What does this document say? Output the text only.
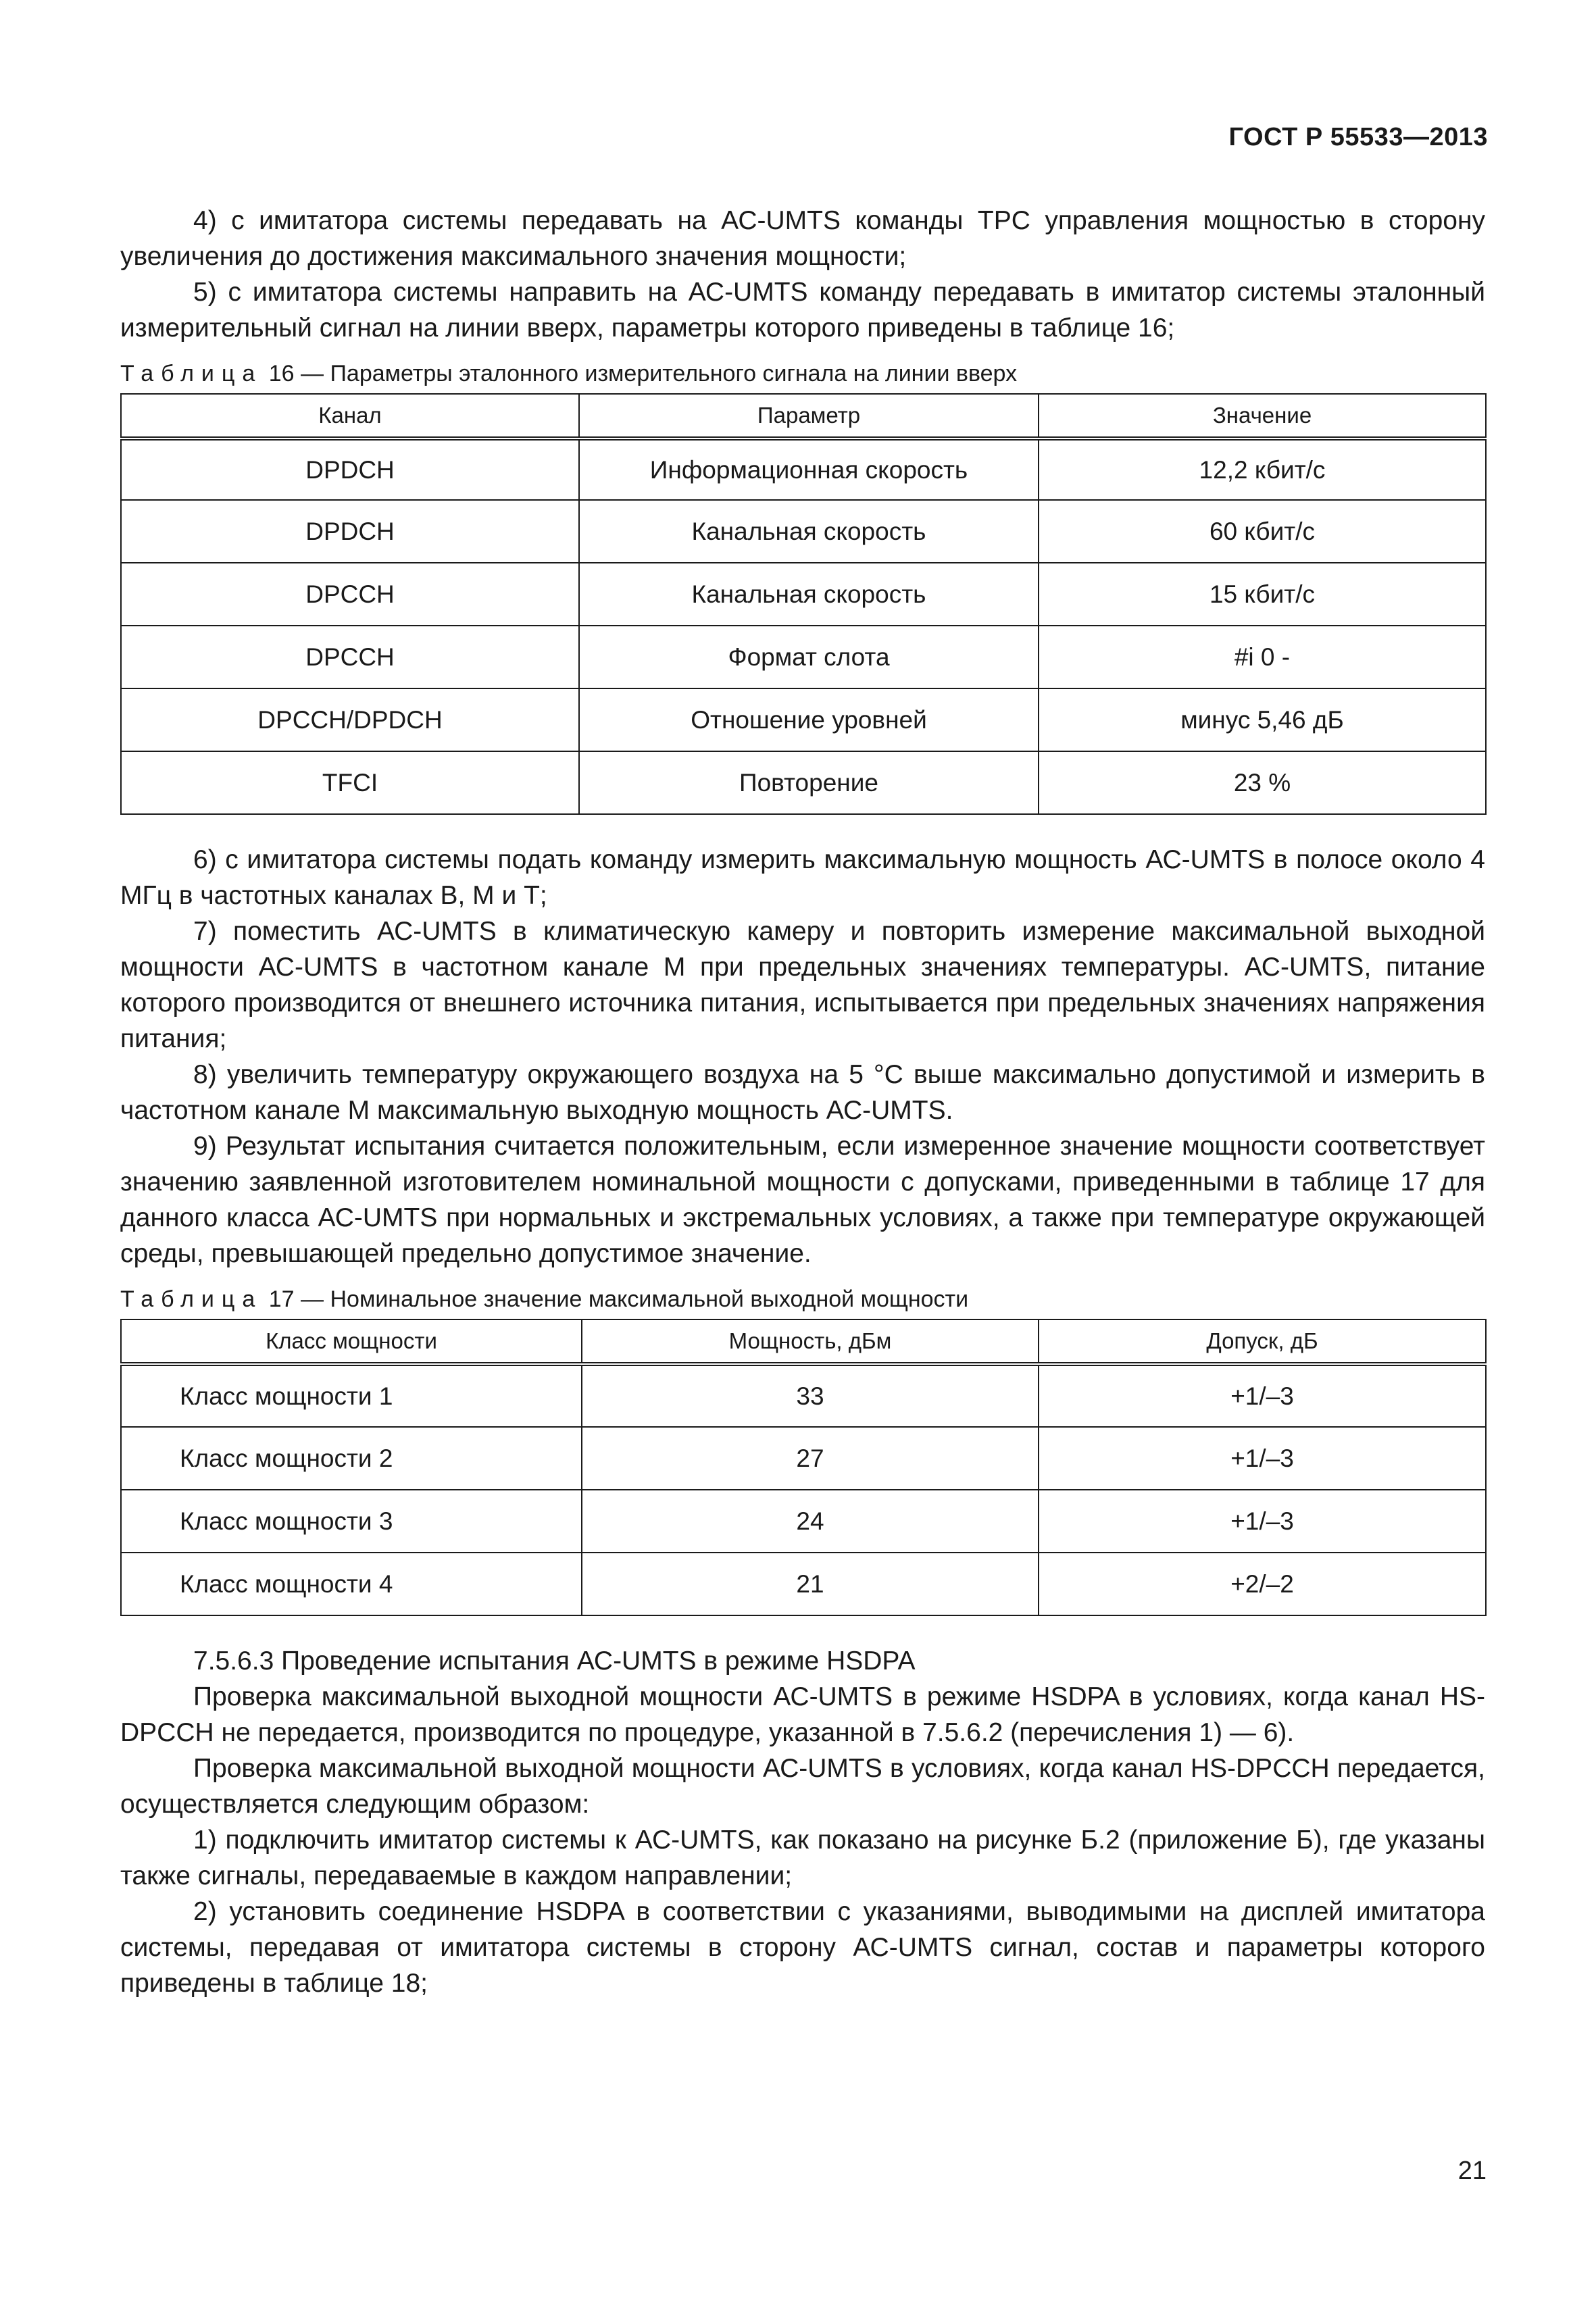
ГОСТ Р 55533—2013

4) с имитатора системы передавать на АС-UMTS команды TPC управления мощностью в сторону увеличения до достижения максимального значения мощности;

5) с имитатора системы направить на АС-UMTS команду передавать в имитатор системы эталонный измерительный сигнал на линии вверх, параметры которого приведены в таблице 16;

Таблица 16 — Параметры эталонного измерительного сигнала на линии вверх
Канал	Параметр	Значение
DPDCH	Информационная скорость	12,2 кбит/с
DPDCH	Канальная скорость	60 кбит/с
DPCCH	Канальная скорость	15 кбит/с
DPCCH	Формат слота	#i 0 -
DPCCH/DPDCH	Отношение уровней	минус 5,46 дБ
TFCI	Повторение	23 %

6) с имитатора системы подать команду измерить максимальную мощность АС-UMTS в полосе около 4 МГц в частотных каналах В, М и Т;

7) поместить АС-UMTS в климатическую камеру и повторить измерение максимальной выходной мощности АС-UMTS в частотном канале М при предельных значениях температуры. АС-UMTS, питание которого производится от внешнего источника питания, испытывается при предельных значениях напряжения питания;

8) увеличить температуру окружающего воздуха на 5 °С выше максимально допустимой и измерить в частотном канале М максимальную выходную мощность АС-UMTS.

9) Результат испытания считается положительным, если измеренное значение мощности соответствует значению заявленной изготовителем номинальной мощности с допусками, приведенными в таблице 17 для данного класса АС-UMTS при нормальных и экстремальных условиях, а также при температуре окружающей среды, превышающей предельно допустимое значение.

Таблица 17 — Номинальное значение максимальной выходной мощности
Класс мощности	Мощность, дБм	Допуск, дБ
Класс мощности 1	33	+1/–3
Класс мощности 2	27	+1/–3
Класс мощности 3	24	+1/–3
Класс мощности 4	21	+2/–2

7.5.6.3 Проведение испытания АС-UMTS в режиме HSDPA

Проверка максимальной выходной мощности АС-UMTS в режиме HSDPA в условиях, когда канал HS-DPCCH не передается, производится по процедуре, указанной в 7.5.6.2 (перечисления 1) — 6).

Проверка максимальной выходной мощности АС-UMTS в условиях, когда канал HS-DPCCH передается, осуществляется следующим образом:

1) подключить имитатор системы к АС-UMTS, как показано на рисунке Б.2 (приложение Б), где указаны также сигналы, передаваемые в каждом направлении;

2) установить соединение HSDPA в соответствии с указаниями, выводимыми на дисплей имитатора системы, передавая от имитатора системы в сторону АС-UMTS сигнал, состав и параметры которого приведены в таблице 18;

21
